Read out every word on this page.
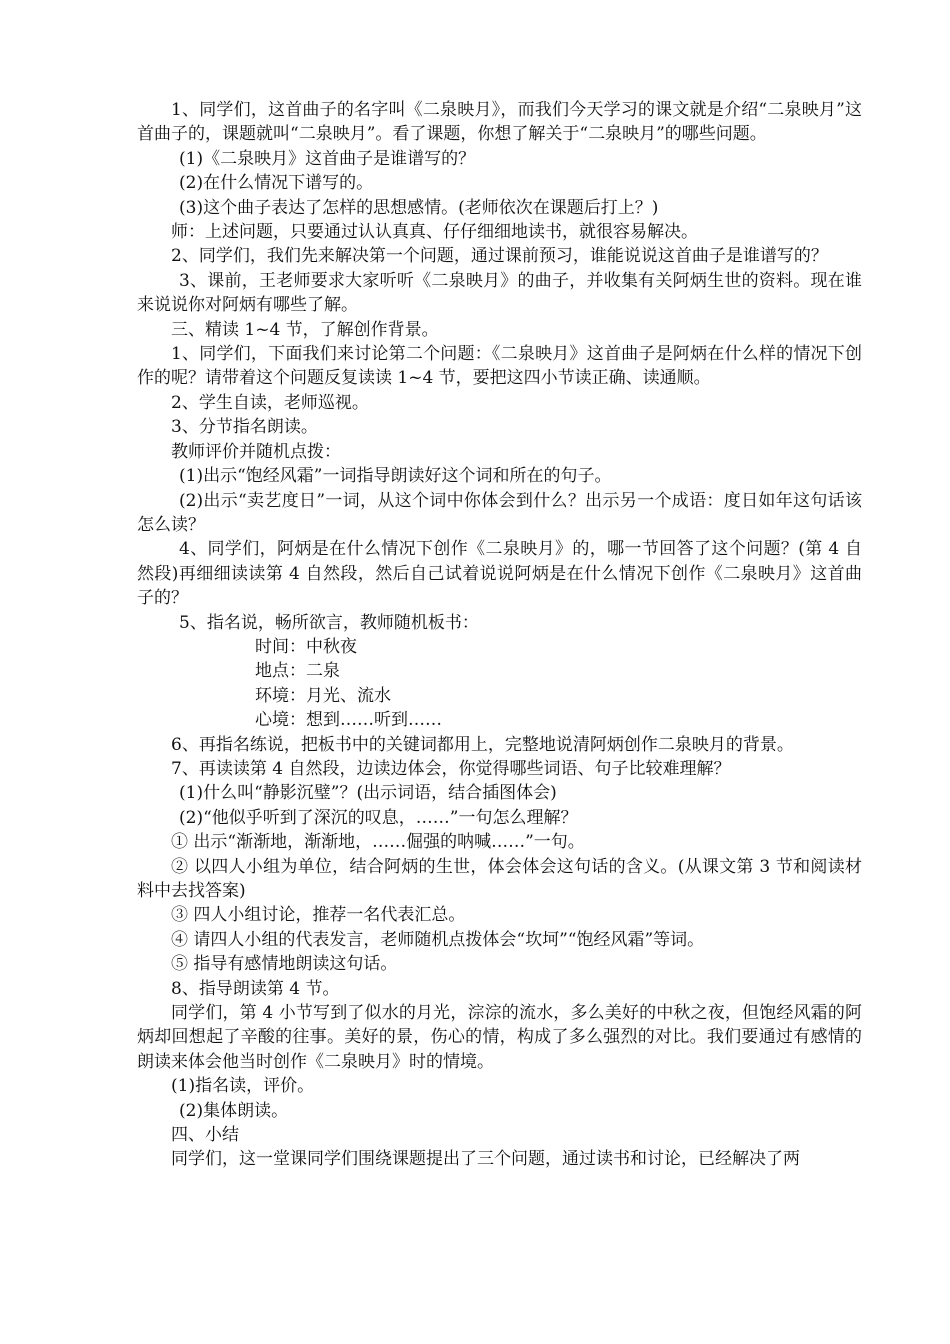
1、同学们，这首曲子的名字叫《二泉映月》，而我们今天学习的课文就是介绍“二泉映月”这首曲子的，课题就叫“二泉映月”。看了课题，你想了解关于“二泉映月”的哪些问题。

(1)《二泉映月》这首曲子是谁谱写的？

(2)在什么情况下谱写的。

(3)这个曲子表达了怎样的思想感情。(老师依次在课题后打上？)

师：上述问题，只要通过认认真真、仔仔细细地读书，就很容易解决。

2、同学们，我们先来解决第一个问题，通过课前预习，谁能说说这首曲子是谁谱写的？

3、课前，王老师要求大家听听《二泉映月》的曲子，并收集有关阿炳生世的资料。现在谁来说说你对阿炳有哪些了解。

三、精读 1~4 节，了解创作背景。

1、同学们，下面我们来讨论第二个问题：《二泉映月》这首曲子是阿炳在什么样的情况下创作的呢？请带着这个问题反复读读 1~4 节，要把这四小节读正确、读通顺。

2、学生自读，老师巡视。

3、分节指名朗读。

教师评价并随机点拨：

(1)出示“饱经风霜”一词指导朗读好这个词和所在的句子。

(2)出示“卖艺度日”一词，从这个词中你体会到什么？出示另一个成语：度日如年这句话该怎么读？

4、同学们，阿炳是在什么情况下创作《二泉映月》的，哪一节回答了这个问题？(第 4 自然段)再细细读读第 4 自然段，然后自己试着说说阿炳是在什么情况下创作《二泉映月》这首曲子的？

5、指名说，畅所欲言，教师随机板书：

时间：中秋夜

地点：二泉

环境：月光、流水

心境：想到……听到……

6、再指名练说，把板书中的关键词都用上，完整地说清阿炳创作二泉映月的背景。

7、再读读第 4 自然段，边读边体会，你觉得哪些词语、句子比较难理解？

(1)什么叫“静影沉璧”？(出示词语，结合插图体会)

(2)“他似乎听到了深沉的叹息，……”一句怎么理解？

① 出示“渐渐地，渐渐地，……倔强的呐喊……”一句。

② 以四人小组为单位，结合阿炳的生世，体会体会这句话的含义。(从课文第 3 节和阅读材料中去找答案)

③ 四人小组讨论，推荐一名代表汇总。

④ 请四人小组的代表发言，老师随机点拨体会“坎坷”“饱经风霜”等词。

⑤ 指导有感情地朗读这句话。

8、指导朗读第 4 节。

同学们，第 4 小节写到了似水的月光，淙淙的流水，多么美好的中秋之夜，但饱经风霜的阿炳却回想起了辛酸的往事。美好的景，伤心的情，构成了多么强烈的对比。我们要通过有感情的朗读来体会他当时创作《二泉映月》时的情境。

(1)指名读，评价。

(2)集体朗读。

四、小结

同学们，这一堂课同学们围绕课题提出了三个问题，通过读书和讨论，已经解决了两
